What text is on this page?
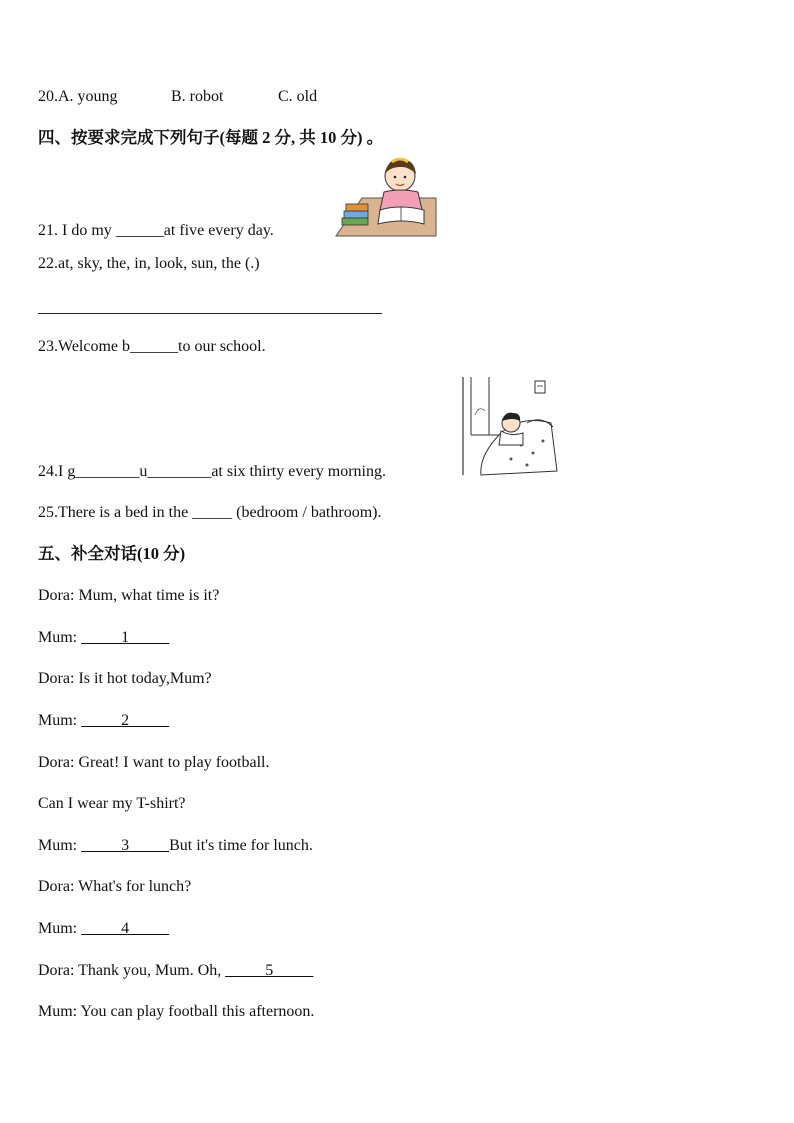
20.A. young	B. robot	C. old
四、按要求完成下列句子(每题 2 分, 共 10 分) 。
21. I do my ______at five every day.
22.at, sky, the, in, look, sun, the (.)
23.Welcome b______to our school.
24.I g________u________at six thirty every morning.
25.There is a bed in the _____ (bedroom / bathroom).
五、补全对话(10 分)
Dora: Mum, what time is it?
Mum: _____1_____
Dora: Is it hot today,Mum?
Mum: _____2_____
Dora: Great! I want to play football.
Can I wear my T-shirt?
Mum: _____3_____But it's time for lunch.
Dora: What's for lunch?
Mum: _____4_____
Dora: Thank you, Mum. Oh, _____5_____
Mum: You can play football this afternoon.
